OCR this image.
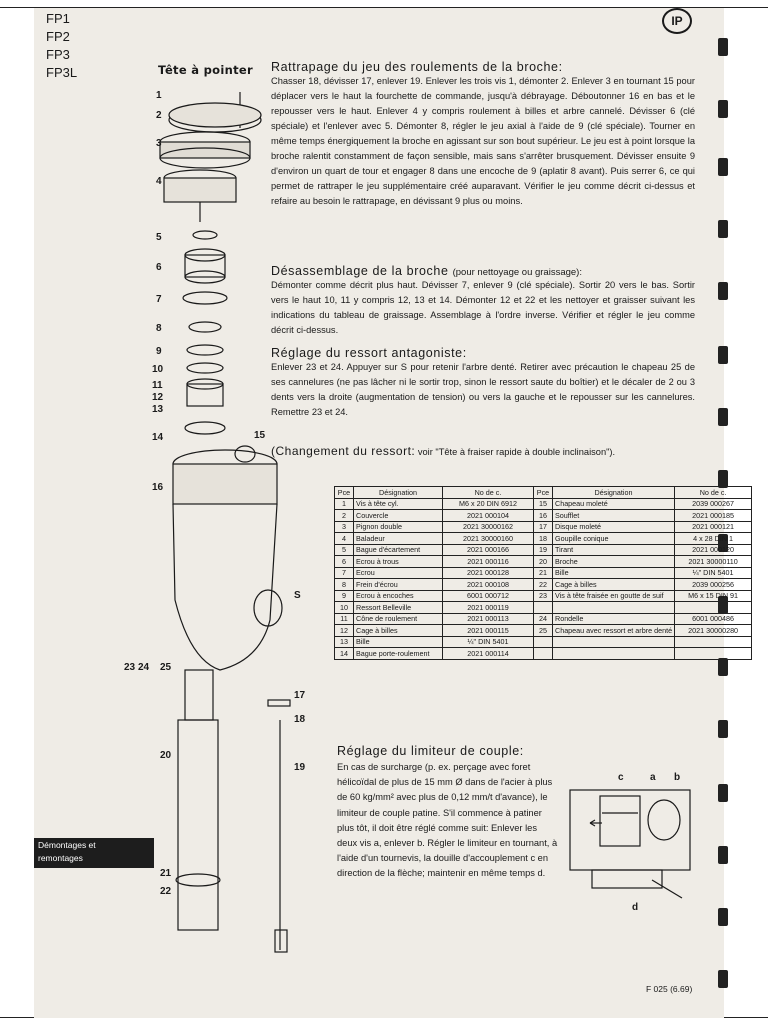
FP1
FP2
FP3
FP3L
IP
Tête à pointer Rattrapage du jeu des roulements de la broche:

Chasser 18, dévisser 17, enlever 19. Enlever les trois vis 1, démonter 2. Enlever 3 en tournant 15 pour déplacer vers le haut la fourchette de commande, jusqu'à débrayage. Déboutonner 16 en bas et le repousser vers le haut. Enlever 4 y compris roulement à billes et arbre cannelé. Dévisser 6 (clé spéciale) et l'enlever avec 5. Démonter 8, régler le jeu axial à l'aide de 9 (clé spéciale). Tourner en même temps énergiquement la broche en agissant sur son bout supérieur. Le jeu est à point lorsque la broche ralentit constamment de façon sensible, mais sans s'arrêter brusquement. Dévisser ensuite 9 d'environ un quart de tour et engager 8 dans une encoche de 9 (aplatir 8 avant). Puis serrer 6, ce qui permet de rattraper le jeu supplémentaire créé auparavant. Vérifier le jeu comme décrit ci-dessus et refaire au besoin le rattrapage, en dévissant 9 plus ou moins.

Désassemblage de la broche (pour nettoyage ou graissage):

Démonter comme décrit plus haut. Dévisser 7, enlever 9 (clé spéciale). Sortir 20 vers le bas. Sortir vers le haut 10, 11 y compris 12, 13 et 14. Démonter 12 et 22 et les nettoyer et graisser suivant les indications du tableau de graissage. Assemblage à l'ordre inverse. Vérifier et régler le jeu comme décrit ci-dessus.

Réglage du ressort antagoniste:

Enlever 23 et 24. Appuyer sur S pour retenir l'arbre denté. Retirer avec précaution le chapeau 25 de ses cannelures (ne pas lâcher ni le sortir trop, sinon le ressort saute du boîtier) et le décaler de 2 ou 3 dents vers la droite (augmentation de tension) ou vers la gauche et le repousser sur les cannelures. Remettre 23 et 24.

(Changement du ressort: voir "Tête à fraiser rapide à double inclinaison").

Pce	Désignation	No de c.	Pce	Désignation	No de c.
1	Vis à tête cyl.	M6 x 20 DIN 6912	15	Chapeau moleté	2039 000267
2	Couvercle	2021 000104	16	Soufflet	2021 000185
3	Pignon double	2021 30000162	17	Disque moleté	2021 000121
4	Baladeur	2021 30000160	18	Goupille conique	4 x 28 DIN 1
5	Bague d'écartement	2021 000166	19	Tirant	2021 000120
6	Ecrou à trous	2021 000116	20	Broche	2021 30000110
7	Ecrou	2021 000128	21	Bille	¼" DIN 5401
8	Frein d'écrou	2021 000108	22	Cage à billes	2039 000256
9	Ecrou à encoches	6001 000712	23	Vis à tête fraisée en goutte de suif	M6 x 15 DIN 91
10	Ressort Belleville	2021 000119			
11	Cône de roulement	2021 000113	24	Rondelle	6001 000486
12	Cage à billes	2021 000115	25	Chapeau avec ressort et arbre denté	2021 30000280
13	Bille	¼" DIN 5401			
14	Bague porte-roulement	2021 000114			
1
2
3
4
5
6
7
8
9
10
11
12
13
14
16
20
21
22
23 24 25
15
S
17
18
19
Réglage du limiteur de couple:

En cas de surcharge (p. ex. perçage avec foret hélicoïdal de plus de 15 mm Ø dans de l'acier à plus de 60 kg/mm² avec plus de 0,12 mm/t d'avance), le limiteur de couple patine. S'il commence à patiner plus tôt, il doit être réglé comme suit: Enlever les deux vis a, enlever b. Régler le limiteur en tournant, à l'aide d'un tournevis, la douille d'accouplement c en direction de la flèche; maintenir en même temps d.

c	a b
d
Démontages et
remontages
F 025 (6.69)
